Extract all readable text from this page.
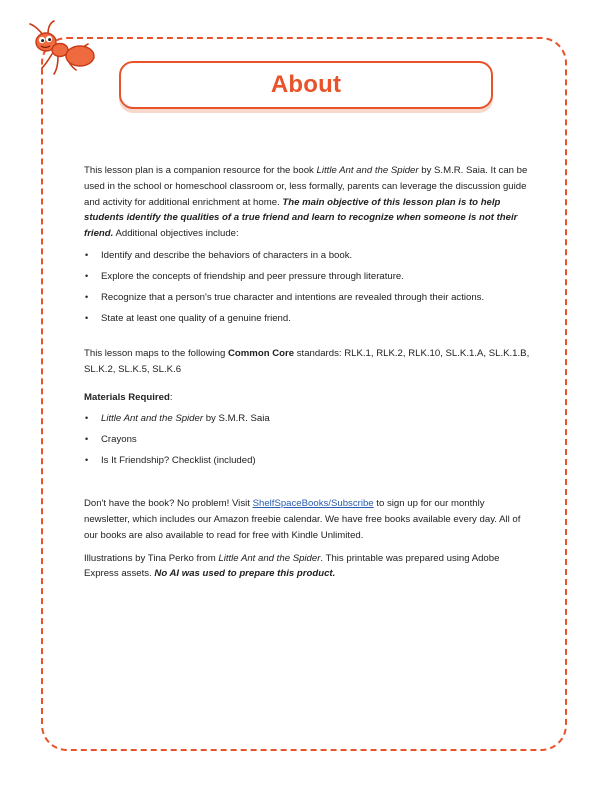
About

This lesson plan is a companion resource for the book Little Ant and the Spider by S.M.R. Saia. It can be used in the school or homeschool classroom or, less formally, parents can leverage the discussion guide and activity for additional enrichment at home. The main objective of this lesson plan is to help students identify the qualities of a true friend and learn to recognize when someone is not their friend. Additional objectives include:

• Identify and describe the behaviors of characters in a book.
• Explore the concepts of friendship and peer pressure through literature.
• Recognize that a person's true character and intentions are revealed through their actions.
• State at least one quality of a genuine friend.

This lesson maps to the following Common Core standards: RLK.1, RLK.2, RLK.10, SL.K.1.A, SL.K.1.B, SL.K.2, SL.K.5, SL.K.6

Materials Required:

• Little Ant and the Spider by S.M.R. Saia
• Crayons
• Is It Friendship? Checklist (included)

Don't have the book? No problem! Visit ShelfSpaceBooks/Subscribe to sign up for our monthly newsletter, which includes our Amazon freebie calendar. We have free books available every day. All of our books are also available to read for free with Kindle Unlimited.

Illustrations by Tina Perko from Little Ant and the Spider. This printable was prepared using Adobe Express assets. No AI was used to prepare this product.
